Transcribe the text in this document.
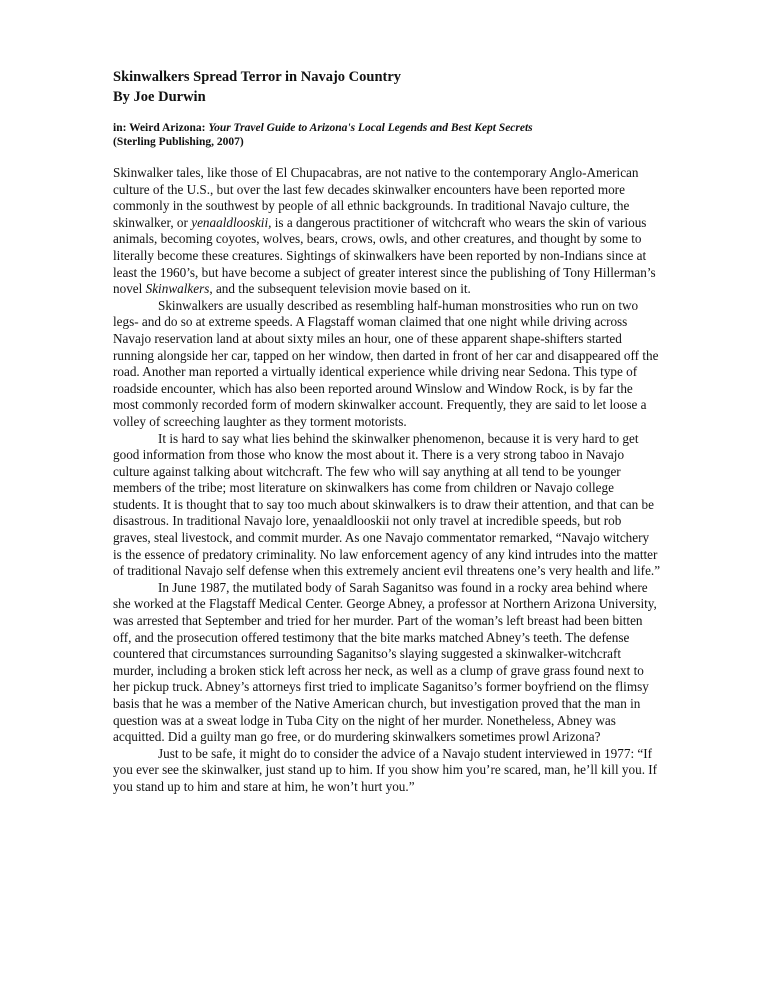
Skinwalkers Spread Terror in Navajo Country
By Joe Durwin
in: Weird Arizona: Your Travel Guide to Arizona's Local Legends and Best Kept Secrets
(Sterling Publishing, 2007)

Skinwalker tales, like those of El Chupacabras, are not native to the contemporary Anglo-American culture of the U.S., but over the last few decades skinwalker encounters have been reported more commonly in the southwest by people of all ethnic backgrounds. In traditional Navajo culture, the skinwalker, or yenaaldlooskii, is a dangerous practitioner of witchcraft who wears the skin of various animals, becoming coyotes, wolves, bears, crows, owls, and other creatures, and thought by some to literally become these creatures. Sightings of skinwalkers have been reported by non-Indians since at least the 1960’s, but have become a subject of greater interest since the publishing of Tony Hillerman’s novel Skinwalkers, and the subsequent television movie based on it.

Skinwalkers are usually described as resembling half-human monstrosities who run on two legs- and do so at extreme speeds. A Flagstaff woman claimed that one night while driving across Navajo reservation land at about sixty miles an hour, one of these apparent shape-shifters started running alongside her car, tapped on her window, then darted in front of her car and disappeared off the road. Another man reported a virtually identical experience while driving near Sedona. This type of roadside encounter, which has also been reported around Winslow and Window Rock, is by far the most commonly recorded form of modern skinwalker account. Frequently, they are said to let loose a volley of screeching laughter as they torment motorists.

It is hard to say what lies behind the skinwalker phenomenon, because it is very hard to get good information from those who know the most about it. There is a very strong taboo in Navajo culture against talking about witchcraft. The few who will say anything at all tend to be younger members of the tribe; most literature on skinwalkers has come from children or Navajo college students. It is thought that to say too much about skinwalkers is to draw their attention, and that can be disastrous. In traditional Navajo lore, yenaaldlooskii not only travel at incredible speeds, but rob graves, steal livestock, and commit murder. As one Navajo commentator remarked, “Navajo witchery is the essence of predatory criminality. No law enforcement agency of any kind intrudes into the matter of traditional Navajo self defense when this extremely ancient evil threatens one’s very health and life.”

In June 1987, the mutilated body of Sarah Saganitso was found in a rocky area behind where she worked at the Flagstaff Medical Center. George Abney, a professor at Northern Arizona University, was arrested that September and tried for her murder. Part of the woman’s left breast had been bitten off, and the prosecution offered testimony that the bite marks matched Abney’s teeth. The defense countered that circumstances surrounding Saganitso’s slaying suggested a skinwalker-witchcraft murder, including a broken stick left across her neck, as well as a clump of grave grass found next to her pickup truck. Abney’s attorneys first tried to implicate Saganitso’s former boyfriend on the flimsy basis that he was a member of the Native American church, but investigation proved that the man in question was at a sweat lodge in Tuba City on the night of her murder. Nonetheless, Abney was acquitted. Did a guilty man go free, or do murdering skinwalkers sometimes prowl Arizona?

Just to be safe, it might do to consider the advice of a Navajo student interviewed in 1977: “If you ever see the skinwalker, just stand up to him. If you show him you’re scared, man, he’ll kill you. If you stand up to him and stare at him, he won’t hurt you.”
